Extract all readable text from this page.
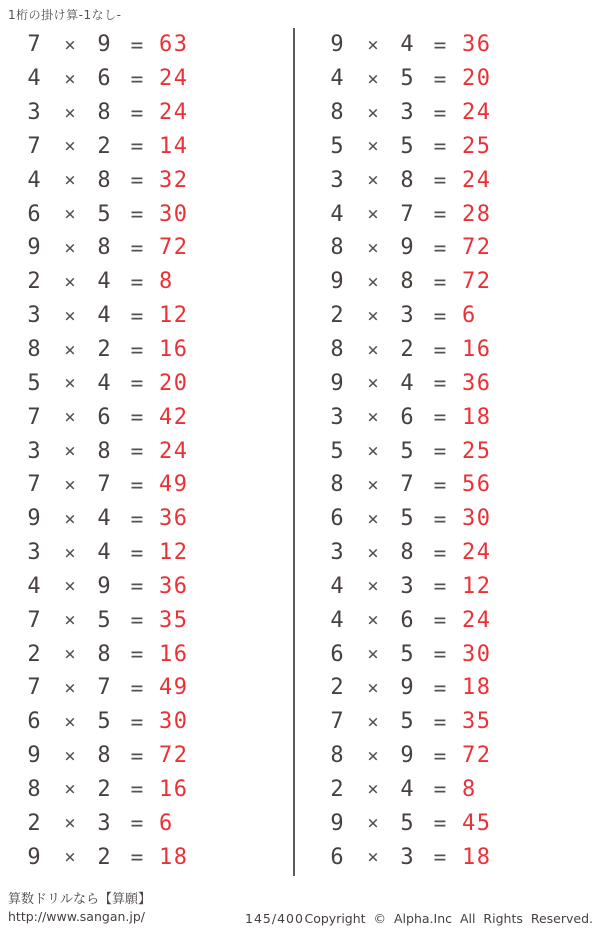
1桁の掛け算-1なし-
7 × 9 = 63
4 × 6 = 24
3 × 8 = 24
7 × 2 = 14
4 × 8 = 32
6 × 5 = 30
9 × 8 = 72
2 × 4 = 8
3 × 4 = 12
8 × 2 = 16
5 × 4 = 20
7 × 6 = 42
3 × 8 = 24
7 × 7 = 49
9 × 4 = 36
3 × 4 = 12
4 × 9 = 36
7 × 5 = 35
2 × 8 = 16
7 × 7 = 49
6 × 5 = 30
9 × 8 = 72
8 × 2 = 16
2 × 3 = 6
9 × 2 = 18
9 × 4 = 36
4 × 5 = 20
8 × 3 = 24
5 × 5 = 25
3 × 8 = 24
4 × 7 = 28
8 × 9 = 72
9 × 8 = 72
2 × 3 = 6
8 × 2 = 16
9 × 4 = 36
3 × 6 = 18
5 × 5 = 25
8 × 7 = 56
6 × 5 = 30
3 × 8 = 24
4 × 3 = 12
4 × 6 = 24
6 × 5 = 30
2 × 9 = 18
7 × 5 = 35
8 × 9 = 72
2 × 4 = 8
9 × 5 = 45
6 × 3 = 18
算数ドリルなら【算願】
http://www.sangan.jp/	145/400 Copyright © Alpha.Inc All Rights Reserved.
